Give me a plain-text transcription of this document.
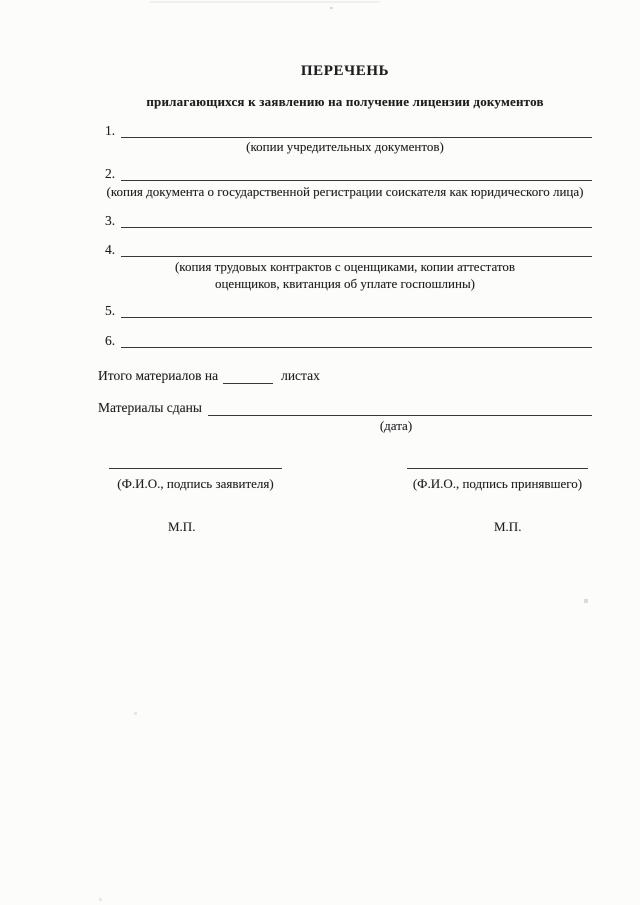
ПЕРЕЧЕНЬ
прилагающихся к заявлению на получение лицензии документов
1.
(копии учредительных документов)
2.
(копия документа о государственной регистрации соискателя как юридического лица)
3.
4.
(копия трудовых контрактов с оценщиками, копии аттестатов
оценщиков, квитанция об уплате госпошлины)
5.
6.
Итого материалов на	листах
Материалы сданы
(дата)
(Ф.И.О., подпись заявителя)	(Ф.И.О., подпись принявшего)
М.П.	М.П.
